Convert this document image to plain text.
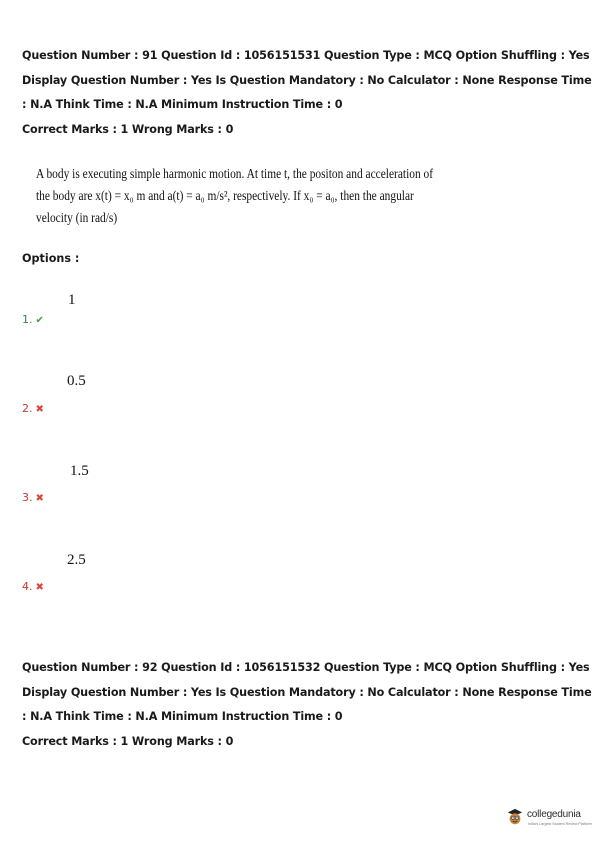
Question Number : 91 Question Id : 1056151531 Question Type : MCQ Option Shuffling : Yes

Display Question Number : Yes Is Question Mandatory : No Calculator : None Response Time

: N.A Think Time : N.A Minimum Instruction Time : 0

Correct Marks : 1 Wrong Marks : 0

A body is executing simple harmonic motion. At time t, the positon and acceleration of

the body are x(t) = x₀ m and a(t) = a₀ m/s², respectively. If x₀ = a₀, then the angular

velocity (in rad/s)

Options :
1
1. ✔
0.5
2. ✖
1.5
3. ✖
2.5
4. ✖

Question Number : 92 Question Id : 1056151532 Question Type : MCQ Option Shuffling : Yes

Display Question Number : Yes Is Question Mandatory : No Calculator : None Response Time

: N.A Think Time : N.A Minimum Instruction Time : 0

Correct Marks : 1 Wrong Marks : 0

collegedunia
India's Largest Student Review Platform
